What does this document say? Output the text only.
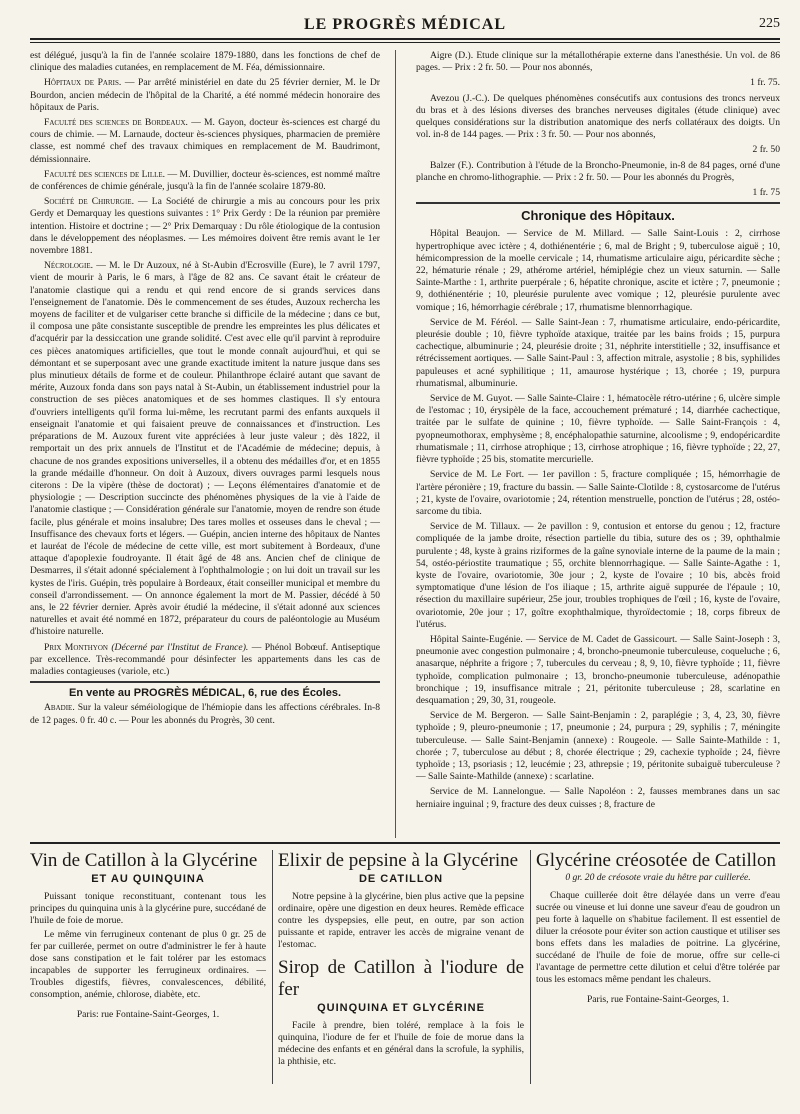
LE PROGRÈS MÉDICAL	225

est délégué, jusqu'à la fin de l'année scolaire 1879-1880, dans les fonctions de chef de clinique des maladies cutanées, en remplacement de M. Féa, démissionnaire.

Hôpitaux de Paris. — Par arrêté ministériel en date du 25 février dernier, M. le Dr Bourdon, ancien médecin de l'hôpital de la Charité, a été nommé médecin honoraire des hôpitaux de Paris.

Faculté des sciences de Bordeaux. — M. Gayon, docteur ès-sciences est chargé du cours de chimie. — M. Larnaude, docteur ès-sciences physiques, pharmacien de première classe, est nommé chef des travaux chimiques en remplacement de M. Baudrimont, démissionnaire.

Faculté des sciences de Lille. — M. Duvillier, docteur ès-sciences, est nommé maître de conférences de chimie générale, jusqu'à la fin de l'année scolaire 1879-80.

Société de Chirurgie. — La Société de chirurgie a mis au concours pour les prix Gerdy et Demarquay les questions suivantes : 1° Prix Gerdy : De la réunion par première intention. Histoire et doctrine ; — 2° Prix Demarquay : Du rôle étiologique de la contusion dans le développement des néoplasmes. — Les mémoires doivent être remis avant le 1er novembre 1881.

Nécrologie. — M. le Dr Auzoux, né à St-Aubin d'Ecrosville (Eure), le 7 avril 1797, vient de mourir à Paris, le 6 mars, à l'âge de 82 ans. Ce savant était le créateur de l'anatomie clastique qui a rendu et qui rend encore de si grands services dans l'enseignement de l'anatomie. Dès le commencement de ses études, Auzoux rechercha les moyens de faciliter et de vulgariser cette branche si difficile de la médecine ; dans ce but, il composa une pâte consistante susceptible de prendre les empreintes les plus délicates et d'acquérir par la dessiccation une grande solidité. C'est avec elle qu'il parvint à reproduire ces pièces anatomiques artificielles, que tout le monde connaît aujourd'hui, et qui se démontant et se superposant avec une grande exactitude imitent la nature jusque dans ses plus minutieux détails de forme et de couleur. Philanthrope éclairé autant que savant de mérite, Auzoux fonda dans son pays natal à St-Aubin, un établissement industriel pour la construction de ses pièces anatomiques et de ses hommes clastiques. Il s'y entoura d'ouvriers intelligents qu'il forma lui-même, les recrutant parmi des enfants auxquels il enseignait l'anatomie et qui faisaient preuve de connaissances et d'instruction. Les préparations de M. Auzoux furent vite appréciées à leur juste valeur ; dès 1822, il remportait un des prix annuels de l'Institut et de l'Académie de médecine; depuis, à chacune de nos grandes expositions universelles, il a obtenu des médailles d'or, et en 1855 la grande médaille d'honneur. On doit à Auzoux, divers ouvrages parmi lesquels nous citerons : De la vipère (thèse de doctorat) ; — Leçons élémentaires d'anatomie et de physiologie ; — Description succincte des phénomènes physiques de la vie à l'aide de l'anatomie clastique ; — Considération générale sur l'anatomie, moyen de rendre son étude facile, plus générale et moins insalubre; Des tares molles et osseuses dans le cheval ; — Insuffisance des chevaux forts et légers. — Guépin, ancien interne des hôpitaux de Nantes et lauréat de l'école de médecine de cette ville, est mort subitement à Bordeaux, d'une attaque d'apoplexie foudroyante. Il était âgé de 48 ans. Ancien chef de clinique de Desmarres, il s'était adonné spécialement à l'ophthalmologie ; on lui doit un travail sur les kystes de l'iris. Guépin, très populaire à Bordeaux, était conseiller municipal et membre du conseil d'arrondissement. — On annonce également la mort de M. Passier, décédé à 50 ans, le 22 février dernier. Après avoir étudié la médecine, il s'était adonné aux sciences naturelles et avait été nommé en 1872, préparateur du cours de paléontologie au Muséum d'histoire naturelle.

Prix Monthyon (Décerné par l'Institut de France). — Phénol Bobœuf. Antiseptique par excellence. Très-recommandé pour désinfecter les appartements dans les cas de maladies contagieuses (variole, etc.)

En vente au PROGRÈS MÉDICAL, 6, rue des Écoles.

Abadie. Sur la valeur séméiologique de l'hémiopie dans les affections cérébrales. In-8 de 12 pages. 0 fr. 40 c. — Pour les abonnés du Progrès, 30 cent.

Aigre (D.). Etude clinique sur la métallothérapie externe dans l'anesthésie. Un vol. de 86 pages. — Prix : 2 fr. 50. — Pour nos abonnés,

1 fr. 75.

Avezou (J.-C.). De quelques phénomènes consécutifs aux contusions des troncs nerveux du bras et à des lésions diverses des branches nerveuses digitales (étude clinique) avec quelques considérations sur la distribution anatomique des nerfs collatéraux des doigts. Un vol. in-8 de 144 pages. — Prix : 3 fr. 50. — Pour nos abonnés,

2 fr. 50

Balzer (F.). Contribution à l'étude de la Broncho-Pneumonie, in-8 de 84 pages, orné d'une planche en chromo-lithographie. — Prix : 2 fr. 50. — Pour les abonnés du Progrès,

1 fr. 75

Chronique des Hôpitaux.

Hôpital Beaujon. — Service de M. Millard. — Salle Saint-Louis : 2, cirrhose hypertrophique avec ictère ; 4, dothiénentérie ; 6, mal de Bright ; 9, tuberculose aiguë ; 10, hémicompression de la moelle cervicale ; 14, rhumatisme articulaire aigu, péricardite sèche ; 22, hématurie rénale ; 29, athérome artériel, hémiplégie chez un vieux saturnin. — Salle Sainte-Marthe : 1, arthrite puerpérale ; 6, hépatite chronique, ascite et ictère ; 7, pneumonie ; 9, dothiénentérie ; 10, pleurésie purulente avec vomique ; 12, pleurésie purulente avec vomique ; 16, hémorrhagie cérébrale ; 17, rhumatisme blennorrhagique.

Service de M. Féréol. — Salle Saint-Jean : 7, rhumatisme articulaire, endo-péricardite, pleurésie double ; 10, fièvre typhoïde ataxique, traitée par les bains froids ; 15, purpura cachectique, albuminurie ; 24, pleurésie droite ; 31, néphrite interstitielle ; 32, insuffisance et rétrécissement aortiques. — Salle Saint-Paul : 3, affection mitrale, asystolie ; 8 bis, syphilides papuleuses et acné syphilitique ; 11, amaurose hystérique ; 13, chorée ; 19, purpura rhumatismal, albuminurie.

Service de M. Guyot. — Salle Sainte-Claire : 1, hématocèle rétro-utérine ; 6, ulcère simple de l'estomac ; 10, érysipèle de la face, accouchement prématuré ; 14, diarrhée cachectique, traitée par le sulfate de quinine ; 10, fièvre typhoïde. — Salle Saint-François : 4, pyopneumothorax, emphysème ; 8, encéphalopathie saturnine, alcoolisme ; 9, endopéricardite rhumatismale ; 11, cirrhose atrophique ; 13, cirrhose atrophique ; 16, fièvre typhoïde ; 22, 27, fièvre typhoïde ; 25 bis, stomatite mercurielle.

Service de M. Le Fort. — 1er pavillon : 5, fracture compliquée ; 15, hémorrhagie de l'artère péronière ; 19, fracture du bassin. — Salle Sainte-Clotilde : 8, cystosarcome de l'utérus ; 21, kyste de l'ovaire, ovariotomie ; 24, rétention menstruelle, ponction de l'utérus ; 28, ostéo-sarcome du tibia.

Service de M. Tillaux. — 2e pavillon : 9, contusion et entorse du genou ; 12, fracture compliquée de la jambe droite, résection partielle du tibia, suture des os ; 39, ophthalmie purulente ; 48, kyste à grains riziformes de la gaîne synoviale interne de la paume de la main ; 54, ostéo-périostite traumatique ; 55, orchite blennorrhagique. — Salle Sainte-Agathe : 1, kyste de l'ovaire, ovariotomie, 30e jour ; 2, kyste de l'ovaire ; 10 bis, abcès froid symptomatique d'une lésion de l'os iliaque ; 15, arthrite aiguë suppurée de l'épaule ; 10, résection du maxillaire supérieur, 25e jour, troubles trophiques de l'œil ; 16, kyste de l'ovaire, ovariotomie, 20e jour ; 17, goître exophthalmique, thyroïdectomie ; 18, corps fibreux de l'utérus.

Hôpital Sainte-Eugénie. — Service de M. Cadet de Gassicourt. — Salle Saint-Joseph : 3, pneumonie avec congestion pulmonaire ; 4, broncho-pneumonie tuberculeuse, coqueluche ; 6, anasarque, néphrite a frigore ; 7, tubercules du cerveau ; 8, 9, 10, fièvre typhoïde ; 11, fièvre typhoïde, complication pulmonaire ; 13, broncho-pneumonie tuberculeuse, adénopathie bronchique ; 19, insuffisance mitrale ; 21, péritonite tuberculeuse ; 28, scarlatine en desquamation ; 29, 30, 31, rougeole.

Service de M. Bergeron. — Salle Saint-Benjamin : 2, paraplégie ; 3, 4, 23, 30, fièvre typhoïde ; 9, pleuro-pneumonie ; 17, pneumonie ; 24, purpura ; 29, syphilis ; 7, méningite tuberculeuse. — Salle Saint-Benjamin (annexe) : Rougeole. — Salle Sainte-Mathilde : 1, chorée ; 7, tuberculose au début ; 8, chorée électrique ; 29, cachexie typhoïde ; 24, fièvre typhoïde ; 13, psoriasis ; 12, leucémie ; 23, athrepsie ; 19, péritonite subaiguë tuberculeuse ? — Salle Sainte-Mathilde (annexe) : scarlatine.

Service de M. Lannelongue. — Salle Napoléon : 2, fausses membranes dans un sac herniaire inguinal ; 9, fracture des deux cuisses ; 8, fracture de

Vin de Catillon à la Glycérine
ET AU QUINQUINA

Puissant tonique reconstituant, contenant tous les principes du quinquina unis à la glycérine pure, succédané de l'huile de foie de morue.

Le même vin ferrugineux contenant de plus 0 gr. 25 de fer par cuillerée, permet on outre d'administrer le fer à haute dose sans constipation et le fait tolérer par les estomacs incapables de supporter les ferrugineux ordinaires. — Troubles digestifs, fièvres, convalescences, débilité, consomption, anémie, chlorose, diabète, etc.

Paris: rue Fontaine-Saint-Georges, 1.
Elixir de pepsine à la Glycérine
DE CATILLON

Notre pepsine à la glycérine, bien plus active que la pepsine ordinaire, opère une digestion en deux heures. Remède efficace contre les dyspepsies, elle peut, en outre, par son action puissante et rapide, entraver les accès de migraine venant de l'estomac.

Sirop de Catillon à l'iodure de fer
QUINQUINA ET GLYCÉRINE

Facile à prendre, bien toléré, remplace à la fois le quinquina, l'iodure de fer et l'huile de foie de morue dans la médecine des enfants et en général dans la scrofule, la syphilis, la phthisie, etc.

Glycérine créosotée de Catillon
0 gr. 20 de créosote vraie du hêtre par cuillerée.

Chaque cuillerée doit être délayée dans un verre d'eau sucrée ou vineuse et lui donne une saveur d'eau de goudron un peu forte à laquelle on s'habitue facilement. Il est essentiel de diluer la créosote pour éviter son action caustique et utiliser ses bons effets dans les maladies de poitrine. La glycérine, succédané de l'huile de foie de morue, offre sur celle-ci l'avantage de permettre cette dilution et celui d'être tolérée par tous les estomacs même pendant les chaleurs.

Paris, rue Fontaine-Saint-Georges, 1.
